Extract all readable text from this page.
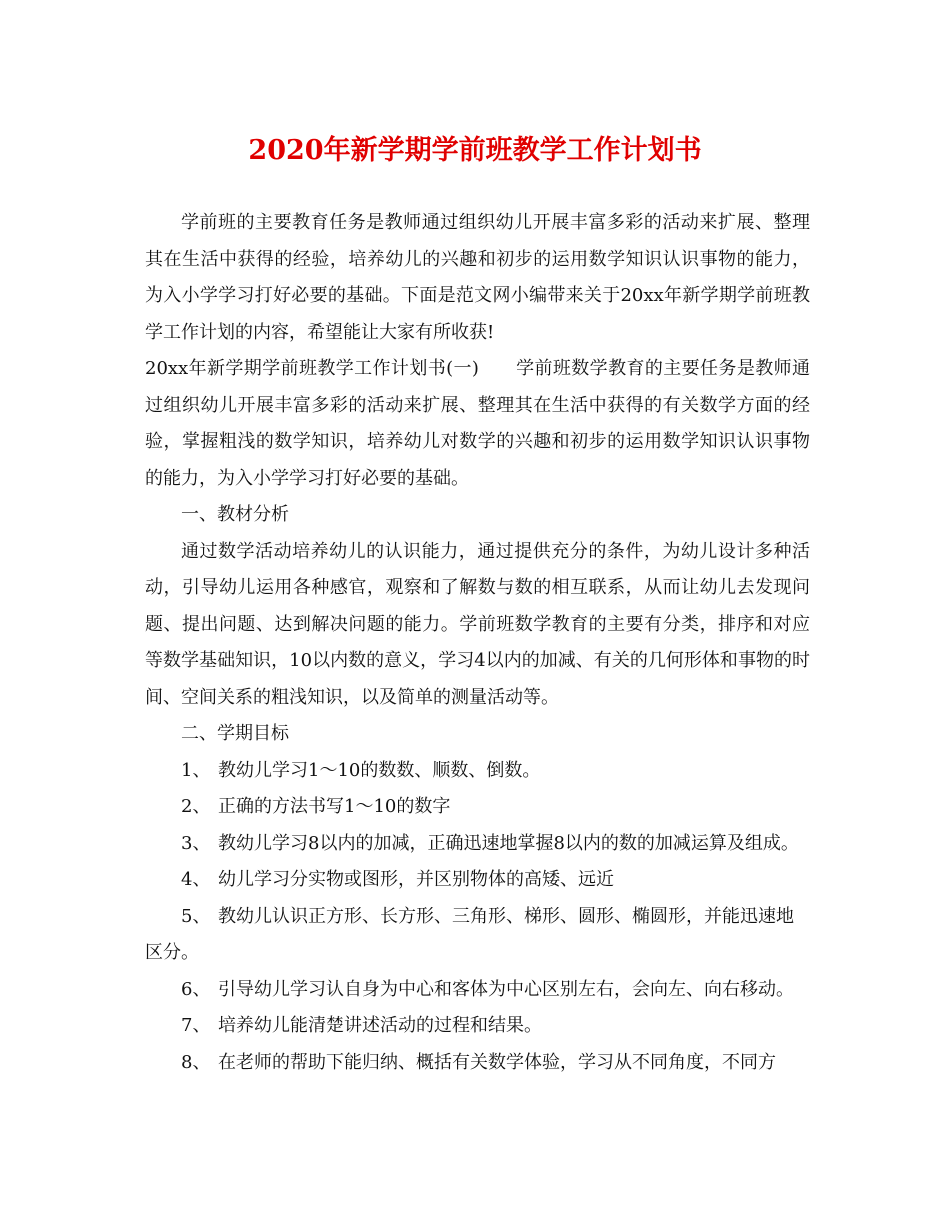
2020年新学期学前班教学工作计划书

学前班的主要教育任务是教师通过组织幼儿开展丰富多彩的活动来扩展、整理其在生活中获得的经验，培养幼儿的兴趣和初步的运用数学知识认识事物的能力，为入小学学习打好必要的基础。下面是范文网小编带来关于20xx年新学期学前班教学工作计划的内容，希望能让大家有所收获!

20xx年新学期学前班教学工作计划书(一)　　学前班数学教育的主要任务是教师通过组织幼儿开展丰富多彩的活动来扩展、整理其在生活中获得的有关数学方面的经验，掌握粗浅的数学知识，培养幼儿对数学的兴趣和初步的运用数学知识认识事物的能力，为入小学学习打好必要的基础。

一、教材分析

通过数学活动培养幼儿的认识能力，通过提供充分的条件，为幼儿设计多种活动，引导幼儿运用各种感官，观察和了解数与数的相互联系，从而让幼儿去发现问题、提出问题、达到解决问题的能力。学前班数学教育的主要有分类，排序和对应等数学基础知识，10以内数的意义，学习4以内的加减、有关的几何形体和事物的时间、空间关系的粗浅知识，以及简单的测量活动等。

二、学期目标

1、 教幼儿学习1～10的数数、顺数、倒数。

2、 正确的方法书写1～10的数字

3、 教幼儿学习8以内的加减，正确迅速地掌握8以内的数的加减运算及组成。

4、 幼儿学习分实物或图形，并区别物体的高矮、远近

5、 教幼儿认识正方形、长方形、三角形、梯形、圆形、椭圆形，并能迅速地区分。

6、 引导幼儿学习认自身为中心和客体为中心区别左右，会向左、向右移动。

7、 培养幼儿能清楚讲述活动的过程和结果。

8、 在老师的帮助下能归纳、概括有关数学体验，学习从不同角度，不同方
